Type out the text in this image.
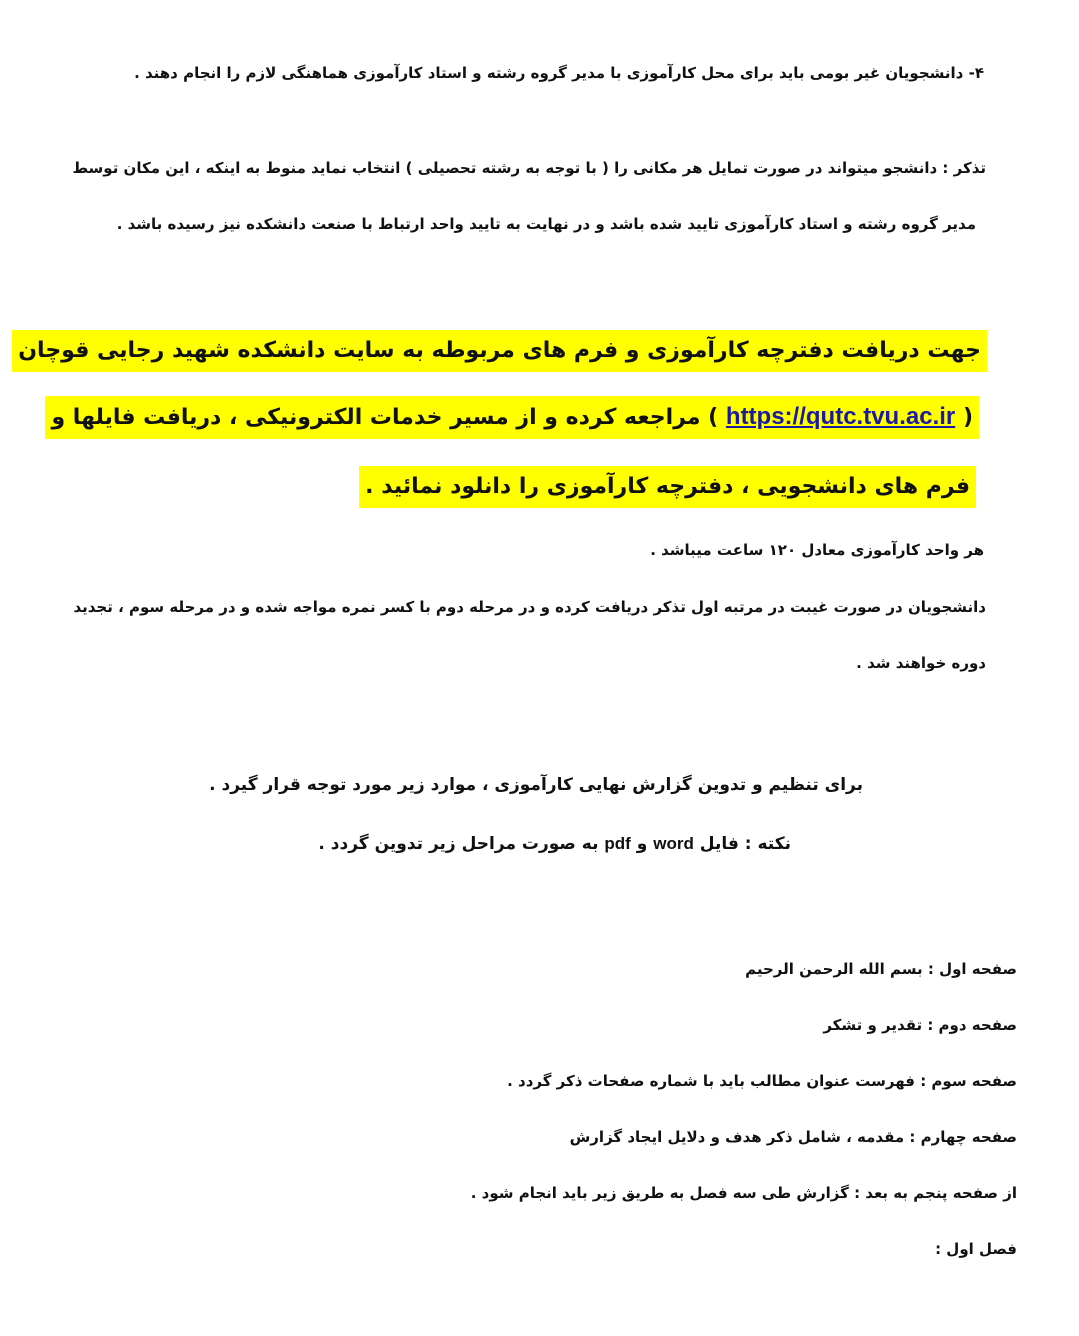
۴- دانشجویان غیر بومی باید برای محل کارآموزی با مدیر گروه رشته و استاد کارآموزی هماهنگی لازم را انجام دهند .

تذکر : دانشجو میتواند در صورت تمایل هر مکانی را ( با توجه به رشته تحصیلی ) انتخاب نماید منوط به اینکه ، این مکان توسط

مدیر گروه رشته و استاد کارآموزی تایید شده باشد و در نهایت به تایید واحد ارتباط با صنعت دانشکده نیز رسیده باشد .

جهت دریافت دفترچه کارآموزی و فرم های مربوطه به سایت دانشکده شهید رجایی قوچان

( https://qutc.tvu.ac.ir ) مراجعه کرده و از مسیر خدمات الکترونیکی ، دریافت فایلها و

فرم های دانشجویی ، دفترچه کارآموزی را دانلود نمائید .

هر واحد کارآموزی معادل ۱۲۰ ساعت میباشد .

دانشجویان در صورت غیبت در مرتبه اول تذکر دریافت کرده و در مرحله دوم با کسر نمره مواجه شده و در مرحله سوم ، تجدید

دوره خواهند شد .

برای تنظیم و تدوین گزارش نهایی کارآموزی ، موارد زیر مورد توجه قرار گیرد .

نکته : فایل word و pdf به صورت مراحل زیر تدوین گردد .

صفحه اول : بسم الله الرحمن الرحیم

صفحه دوم : تقدیر و تشکر

صفحه سوم : فهرست عنوان مطالب باید با شماره صفحات ذکر گردد .

صفحه چهارم : مقدمه ، شامل ذکر هدف و دلایل ایجاد گزارش

از صفحه پنجم به بعد : گزارش طی سه فصل به طریق زیر باید انجام شود .

فصل اول :
